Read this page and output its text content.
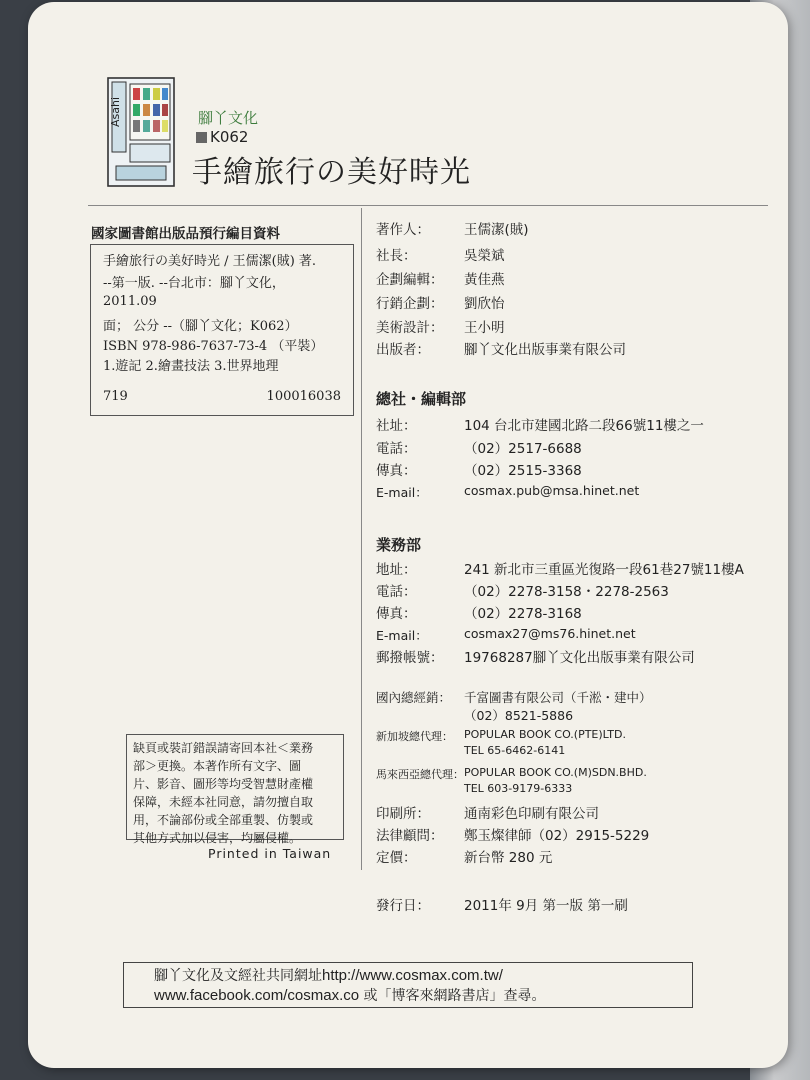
Asahi	腳丫文化
K062
手繪旅行の美好時光
國家圖書館出版品預行編目資料
手繪旅行の美好時光 / 王儒潔(賊) 著.
--第一版. --台北市：腳丫文化，
2011.09
面； 公分 --（腳丫文化；K062）
ISBN 978-986-7637-73-4 （平裝）
1.遊記 2.繪畫技法 3.世界地理
719	100016038
著作人：	王儒潔(賊)
社長：	吳榮斌
企劃編輯：	黃佳燕
行銷企劃：	劉欣怡
美術設計：	王小明
出版者：	腳丫文化出版事業有限公司
總社・編輯部
社址：	104 台北市建國北路二段66號11樓之一
電話：	（02）2517-6688
傳真：	（02）2515-3368
E-mail：	cosmax.pub@msa.hinet.net
業務部
地址：	241 新北市三重區光復路一段61巷27號11樓A
電話：	（02）2278-3158・2278-2563
傳真：	（02）2278-3168
E-mail：	cosmax27@ms76.hinet.net
郵撥帳號：	19768287腳丫文化出版事業有限公司
國內總經銷：	千富圖書有限公司（千淞・建中）
（02）8521-5886
新加坡總代理：	POPULAR BOOK CO.(PTE)LTD.
TEL 65-6462-6141
馬來西亞總代理： POPULAR BOOK CO.(M)SDN.BHD.
TEL 603-9179-6333
印刷所：	通南彩色印刷有限公司
法律顧問：	鄭玉燦律師（02）2915-5229
定價：	新台幣 280 元
缺頁或裝訂錯誤請寄回本社＜業務
部＞更換。本著作所有文字、圖
片、影音、圖形等均受智慧財產權
保障，未經本社同意，請勿擅自取
用，不論部份或全部重製、仿製或
其他方式加以侵害，均屬侵權。
Printed in Taiwan
發行日：	2011年 9月 第一版 第一刷
腳丫文化及文經社共同網址http://www.cosmax.com.tw/
www.facebook.com/cosmax.co 或「博客來網路書店」查尋。
